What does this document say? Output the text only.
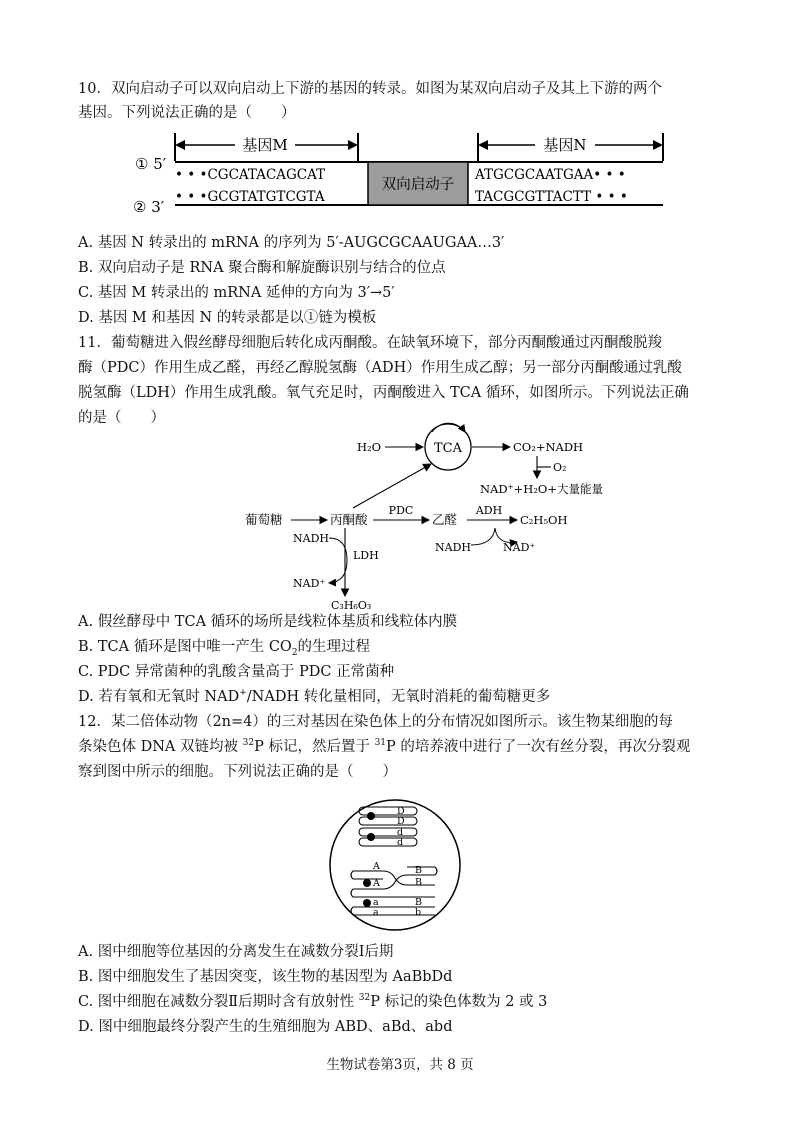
10．双向启动子可以双向启动上下游的基因的转录。如图为某双向启动子及其上下游的两个
基因。下列说法正确的是（　　）
基因M	基因N
双向启动子
① 5′
② 3′
• • •CGCATACAGCAT
• • •GCGTATGTCGTA
ATGCGCAATGAA• • •
TACGCGTTACTT • • •
A. 基因 N 转录出的 mRNA 的序列为 5′-AUGCGCAAUGAA…3′
B. 双向启动子是 RNA 聚合酶和解旋酶识别与结合的位点
C. 基因 M 转录出的 mRNA 延伸的方向为 3′→5′
D. 基因 M 和基因 N 的转录都是以①链为模板
11．葡萄糖进入假丝酵母细胞后转化成丙酮酸。在缺氧环境下，部分丙酮酸通过丙酮酸脱羧
酶（PDC）作用生成乙醛，再经乙醇脱氢酶（ADH）作用生成乙醇；另一部分丙酮酸通过乳酸
脱氢酶（LDH）作用生成乳酸。氧气充足时，丙酮酸进入 TCA 循环，如图所示。下列说法正确
的是（　　）
TCA
H₂O	CO₂+NADH
O₂
NAD⁺+H₂O+大量能量
葡萄糖	丙酮酸
PDC
乙醛
ADH
C₂H₅OH
NADH	NAD⁺
NADH
LDH
NAD⁺
C₃H₆O₃
A. 假丝酵母中 TCA 循环的场所是线粒体基质和线粒体内膜
B. TCA 循环是图中唯一产生 $CO_2$的生理过程
C. PDC 异常菌种的乳酸含量高于 PDC 正常菌种
D. 若有氧和无氧时 NAD+/NADH 转化量相同，无氧时消耗的葡萄糖更多
12．某二倍体动物（2n=4）的三对基因在染色体上的分布情况如图所示。该生物某细胞的每
条染色体 DNA 双链均被 $^{32}$P 标记，然后置于 $^{31}$P 的培养液中进行了一次有丝分裂，再次分裂观
察到图中所示的细胞。下列说法正确的是（　　）
D
D
d
d
A
A
a
a
B
B
B
b
A. 图中细胞等位基因的分离发生在减数分裂Ⅰ后期
B. 图中细胞发生了基因突变，该生物的基因型为 AaBbDd
C. 图中细胞在减数分裂Ⅱ后期时含有放射性 $^{32}$P 标记的染色体数为 2 或 3
D. 图中细胞最终分裂产生的生殖细胞为 ABD、aBd、abd
生物试卷第3页，共 8 页
